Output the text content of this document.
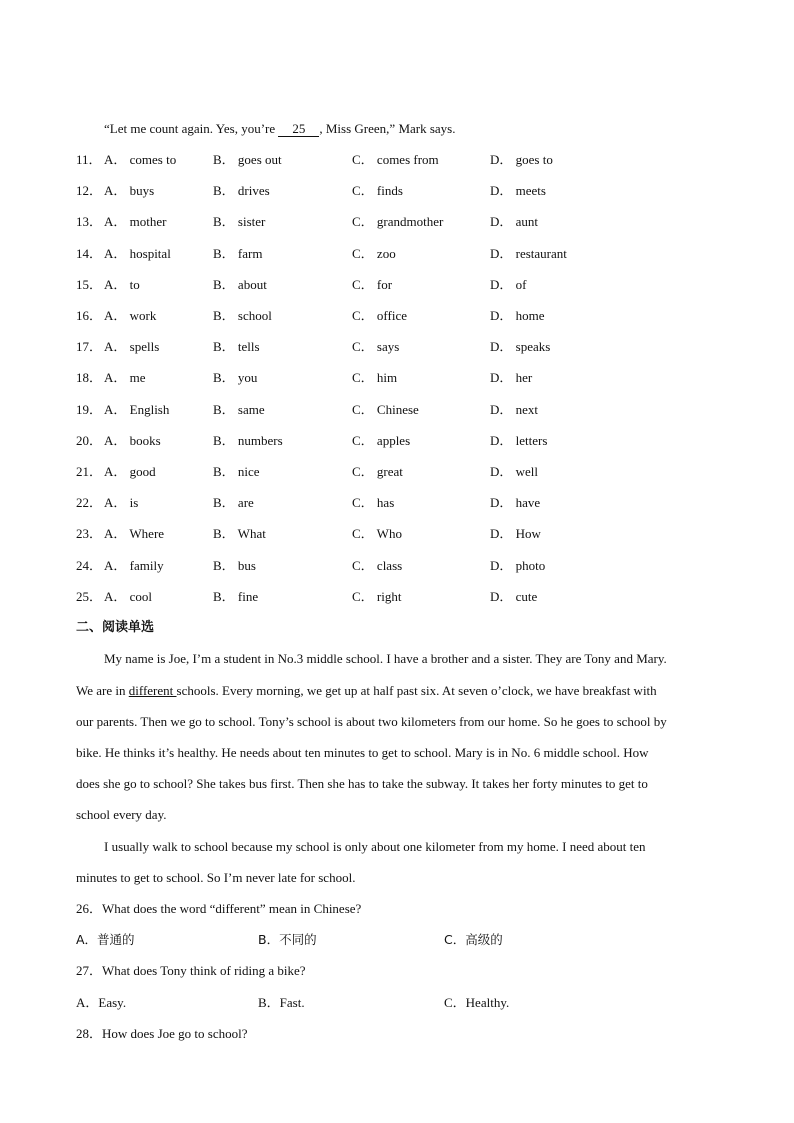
“Let me count again. Yes, you’re 25 , Miss Green,” Mark says.
11． A． comes to	B． goes out	C． comes from	D． goes to
12． A． buys	B． drives	C． finds	D． meets
13． A． mother	B． sister	C． grandmother	D． aunt
14． A． hospital	B． farm	C． zoo	D． restaurant
15． A． to	B． about	C． for	D． of
16． A． work	B． school	C． office	D． home
17． A． spells	B． tells	C． says	D． speaks
18． A． me	B． you	C． him	D． her
19． A． English	B． same	C． Chinese	D． next
20． A． books	B． numbers	C． apples	D． letters
21． A． good	B． nice	C． great	D． well
22． A． is	B． are	C． has	D． have
23． A． Where	B． What	C． Who	D． How
24． A． family	B． bus	C． class	D． photo
25． A． cool	B． fine	C． right	D． cute
二、阅读单选
My name is Joe, I’m a student in No.3 middle school. I have a brother and a sister. They are Tony and Mary.
We are in different schools. Every morning, we get up at half past six. At seven o’clock, we have breakfast with
our parents. Then we go to school. Tony’s school is about two kilometers from our home. So he goes to school by
bike. He thinks it’s healthy. He needs about ten minutes to get to school. Mary is in No. 6 middle school. How
does she go to school? She takes bus first. Then she has to take the subway. It takes her forty minutes to get to
school every day.
I usually walk to school because my school is only about one kilometer from my home. I need about ten
minutes to get to school. So I’m never late for school.
26．What does the word “different” mean in Chinese?
A．普通的	B．不同的	C．高级的
27．What does Tony think of riding a bike?
A．Easy.	B．Fast.	C．Healthy.
28．How does Joe go to school?
